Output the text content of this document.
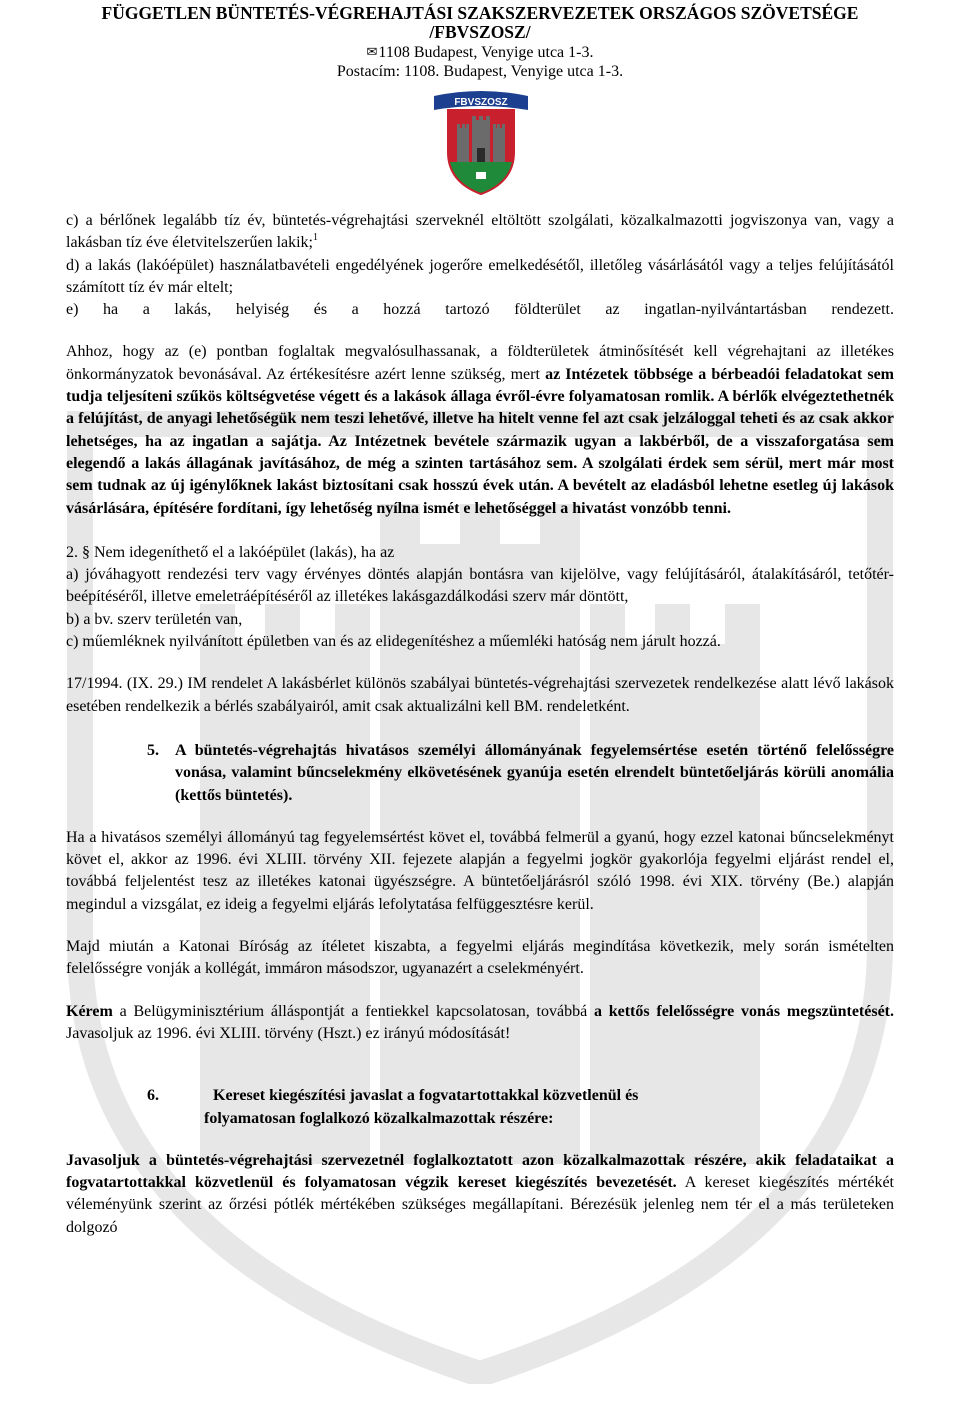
FÜGGETLEN BÜNTETÉS-VÉGREHAJTÁSI SZAKSZERVEZETEK ORSZÁGOS SZÖVETSÉGE
/FBVSZOSZ/
✉1108 Budapest, Venyige utca 1-3.
Postacím: 1108. Budapest, Venyige utca 1-3.
FBVSZOSZ

c) a bérlőnek legalább tíz év, büntetés-végrehajtási szerveknél eltöltött szolgálati, közalkalmazotti jogviszonya van, vagy a lakásban tíz éve életvitelszerűen lakik;$^1$

d) a lakás (lakóépület) használatbavételi engedélyének jogerőre emelkedésétől, illetőleg vásárlásától vagy a teljes felújításától számított tíz év már eltelt;

e) ha a lakás, helyiség és a hozzá tartozó földterület az ingatlan-nyilvántartásban rendezett.

Ahhoz, hogy az (e) pontban foglaltak megvalósulhassanak, a földterületek átminősítését kell végrehajtani az illetékes önkormányzatok bevonásával. Az értékesítésre azért lenne szükség, mert az Intézetek többsége a bérbeadói feladatokat sem tudja teljesíteni szűkös költségvetése végett és a lakások állaga évről-évre folyamatosan romlik. A bérlők elvégeztethetnék a felújítást, de anyagi lehetőségük nem teszi lehetővé, illetve ha hitelt venne fel azt csak jelzáloggal teheti és az csak akkor lehetséges, ha az ingatlan a sajátja. Az Intézetnek bevétele származik ugyan a lakbérből, de a visszaforgatása sem elegendő a lakás állagának javításához, de még a szinten tartásához sem. A szolgálati érdek sem sérül, mert már most sem tudnak az új igénylőknek lakást biztosítani csak hosszú évek után. A bevételt az eladásból lehetne esetleg új lakások vásárlására, építésére fordítani, így lehetőség nyílna ismét e lehetőséggel a hivatást vonzóbb tenni.

2. § Nem idegeníthető el a lakóépület (lakás), ha az

a) jóváhagyott rendezési terv vagy érvényes döntés alapján bontásra van kijelölve, vagy felújításáról, átalakításáról, tetőtér-beépítéséről, illetve emeletráépítéséről az illetékes lakásgazdálkodási szerv már döntött,

b) a bv. szerv területén van,

c) műemléknek nyilvánított épületben van és az elidegenítéshez a műemléki hatóság nem járult hozzá.

17/1994. (IX. 29.) IM rendelet A lakásbérlet különös szabályai büntetés-végrehajtási szervezetek rendelkezése alatt lévő lakások esetében rendelkezik a bérlés szabályairól, amit csak aktualizálni kell BM. rendeletként.

5.	A büntetés-végrehajtás hivatásos személyi állományának fegyelemsértése esetén történő felelősségre vonása, valamint bűncselekmény elkövetésének gyanúja esetén elrendelt büntetőeljárás körüli anomália (kettős büntetés).

Ha a hivatásos személyi állományú tag fegyelemsértést követ el, továbbá felmerül a gyanú, hogy ezzel katonai bűncselekményt követ el, akkor az 1996. évi XLIII. törvény XII. fejezete alapján a fegyelmi jogkör gyakorlója fegyelmi eljárást rendel el, továbbá feljelentést tesz az illetékes katonai ügyészségre. A büntetőeljárásról szóló 1998. évi XIX. törvény (Be.) alapján megindul a vizsgálat, ez ideig a fegyelmi eljárás lefolytatása felfüggesztésre kerül.

Majd miután a Katonai Bíróság az ítéletet kiszabta, a fegyelmi eljárás megindítása következik, mely során ismételten felelősségre vonják a kollégát, immáron másodszor, ugyanazért a cselekményért.

Kérem a Belügyminisztérium álláspontját a fentiekkel kapcsolatosan, továbbá a kettős felelősségre vonás megszüntetését. Javasoljuk az 1996. évi XLIII. törvény (Hszt.) ez irányú módosítását!

6.	Kereset kiegészítési javaslat a fogvatartottakkal közvetlenül és
folyamatosan foglalkozó közalkalmazottak részére:

Javasoljuk a büntetés-végrehajtási szervezetnél foglalkoztatott azon közalkalmazottak részére, akik feladataikat a fogvatartottakkal közvetlenül és folyamatosan végzik kereset kiegészítés bevezetését. A kereset kiegészítés mértékét véleményünk szerint az őrzési pótlék mértékében szükséges megállapítani. Bérezésük jelenleg nem tér el a más területeken dolgozó
